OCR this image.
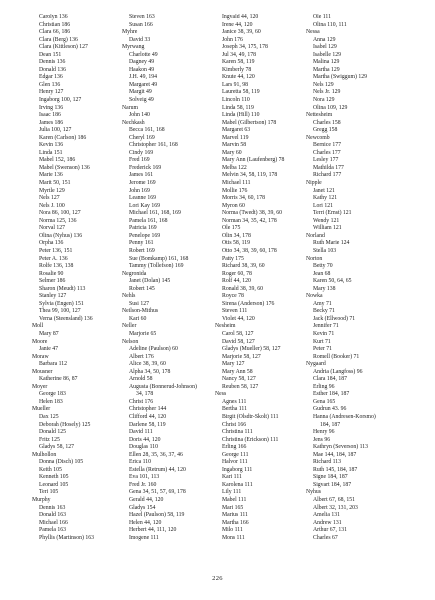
Carolyn 136
Christian 186
Clara 66, 186
Clara (Berg) 136
Clara (Kittleson) 127
Dean 151
Dennis 136
Donald 136
Edgar 136
Glen 136
Henry 127
Ingaborg 100, 127
Irving 136
Isaac 186
James 186
Julia 100, 127
Karen (Carlson) 186
Kevin 136
Linda 151
Mabel 152, 186
Mabel (Swenson) 136
Marie 136
Marit 50, 151
Myrtle 129
Nels 127
Nels J. 100
Nora 86, 100, 127
Norma 125, 136
Norval 127
Olina (Nyhus) 136
Orpha 136
Peter 136, 151
Peter A. 136
Rolfe 136, 138
Rosalie 90
Selmer 186
Sharon (Meudt) 113
Stanley 127
Sylvia (Engen) 151
Thea 99, 100, 127
Verna (Steensland) 136
Moll
Mary 87
Moore
Janie 47
Moraw
Barbara 112
Mousner
Katherine 86, 87
Moyer
George 183
Helen 183
Mueller
Dax 125
Deborah (Hosely) 125
Donald 125
Fritz 125
Gladys 58, 127
Mulhollon
Donna (Disch) 105
Keith 105
Kenneth 105
Leonard 105
Teri 105
Murphy
Dennis 163
Donald 163
Michael 166
Pamela 163
Phyllis (Martinson) 163
Steven 163
Susan 166
Myhre
David 33
Myrwang
Charlotte 49
Dagney 49
Haakon 49
J.H. 49, 194
Margaret 49
Margit 49
Solveig 49
Narum
John 140
Nechkash
Becca 161, 168
Cheryl 169
Christopher 161, 168
Cindy 169
Fred 169
Frederick 169
James 161
Jerome 169
John 169
Leanne 169
Lori Kay 169
Michael 161, 168, 169
Pamela 161, 168
Patricia 169
Penelope 169
Penny 161
Robert 169
Sue (Bomkamp) 161, 168
Tammy (Tollefson) 169
Negronida
Janet (Dolan) 145
Robert 145
Nehls
Susi 127
Neilson-Mithus
Kari 60
Neller
Marjorie 65
Nelson
Adeline (Paulson) 60
Albert 176
Alice 38, 39, 60
Alpha 34, 50, 178
Arnold 58
Augusta (Bonnerud-Johnson)
34, 178
Christ 176
Christopher 144
Clifford 44, 120
Darlene 58, 119
David 111
Doris 44, 120
Douglas 110
Ellen 28, 35, 36, 37, 46
Erica 110
Estella (Retrum) 44, 120
Eva 101, 113
Fred Jr. 160
Gena 34, 51, 57, 69, 178
Gerald 44, 120
Gladys 154
Hazel (Paulson) 58, 119
Helen 44, 120
Herbert 44, 111, 120
Imogene 111
Ingvald 44, 120
Irene 44, 120
Janice 38, 39, 60
John 176
Joseph 34, 175, 178
Jul 34, 49, 178
Karen 58, 119
Kimberly 78
Knute 44, 120
Lars 91, 98
Lauretta 58, 119
Lincoln 110
Linda 58, 119
Linda (Hill) 110
Mabel (Gilbertson) 178
Margaret 63
Marvel 119
Marvin 58
Mary 60
Mary Ann (Laufenberg) 78
Melba 122
Melvin 34, 58, 119, 178
Michael 111
Mollie 176
Morris 34, 60, 178
Myron 60
Norma (Twedt) 38, 39, 60
Norman 34, 35, 42, 178
Ole 175
Olin 34, 178
Otis 58, 119
Otto 34, 38, 39, 60, 178
Patty 175
Richard 38, 39, 60
Roger 60, 78
Rolf 44, 120
Ronald 38, 39, 60
Royce 78
Sirena (Anderson) 176
Steven 111
Violet 44, 120
Nesheim
Carol 58, 127
David 58, 127
Gladys (Mueller) 58, 127
Marjorie 58, 127
Mary 127
Mary Ann 58
Nancy 58, 127
Reuben 58, 127
Ness
Agnes 111
Bertha 111
Birgit (Olsdtr-Skolt) 111
Christ 166
Christina 111
Christina (Erickson) 111
Erling 166
George 111
Halvor 111
Ingaborg 111
Kari 111
Karolena 111
Lily 111
Mabel 111
Mari 165
Marius 111
Martha 166
Milo 111
Mons 111
Ole 111
Olina 110, 111
Nessa
Anna 129
Isabel 129
Isabelle 129
Malina 129
Martha 129
Martha (Swiggum) 129
Nels 129
Nels Jr. 129
Nora 129
Olina 109, 129
Nettesheim
Charles 158
Gregg 158
Newcomb
Bernice 177
Charles 177
Lesley 177
Mathilda 177
Richard 177
Nipple
Janet 121
Kathy 121
Lori 121
Terri (Ernst) 121
Wendy 121
William 121
Norland
Ruth Marie 124
Stella 103
Norton
Betty 70
Jean 68
Karen 50, 64, 65
Mary 138
Nowka
Amy 71
Becky 71
Jack (Ellwood) 71
Jennifer 71
Kevin 71
Kurt 71
Peter 71
Romell (Booker) 71
Nygaard
Andria (Langfoss) 96
Clara 184, 187
Erling 96
Esther 184, 187
Gena 165
Gudrun 43. 96
Hanna (Andresen-Korsmo)
184, 187
Henry 96
Jens 96
Kathryn (Severson) 113
Mae 144, 184, 187
Richard 113
Ruth 145, 184, 187
Signe 184, 187
Sigvart 184, 187
Nyhus
Albert 67, 68, 151
Albert 32, 131, 203
Amelia 131
Andrew 131
Arthur 67, 131
Charles 67
226
